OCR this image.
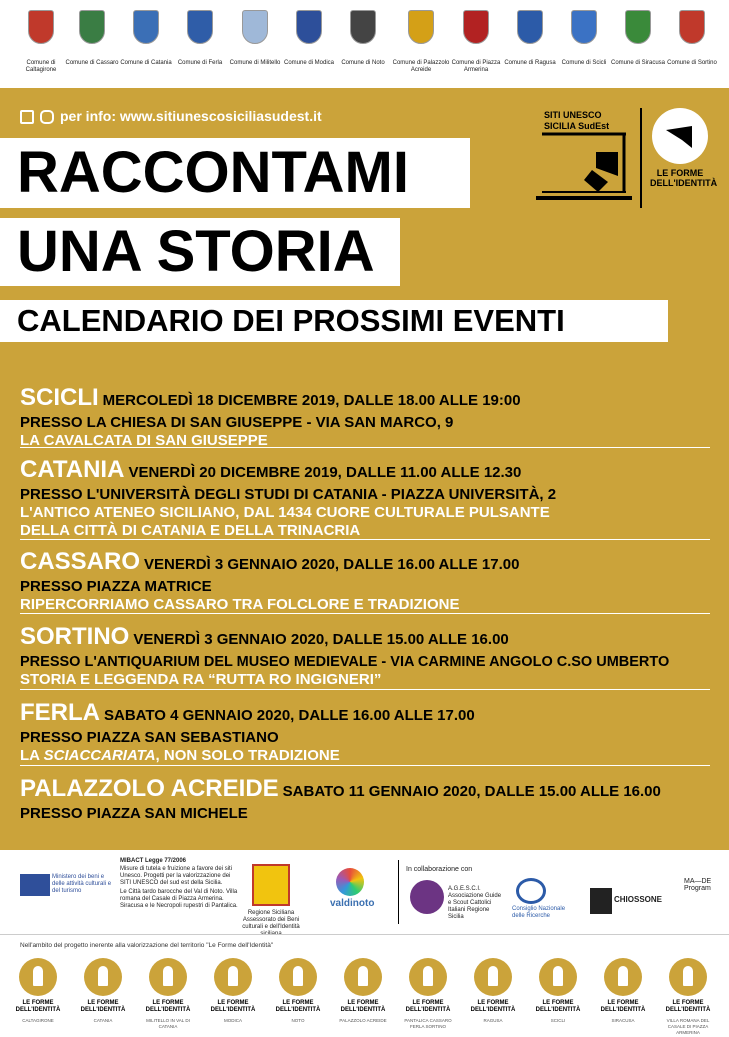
Comune di Caltagirone
Comune di Cassaro Comune di Catania	Comune di Ferla	Comune di Militello Comune di Modica	Comune di Noto	Comune di Palazzolo Acreide
Comune di Piazza Armerina
Comune di Ragusa Comune di Scicli Comune di Siracusa Comune di Sortino
per info: www.sitiunescosiciliasudest.it
RACCONTAMI
UNA STORIA
CALENDARIO DEI PROSSIMI EVENTI
SITI UNESCO
SICILIA SudEst
LE FORME
DELL'IDENTITÀ
SCICLI MERCOLEDÌ 18 DICEMBRE 2019, DALLE 18.00 ALLE 19:00
PRESSO LA CHIESA DI SAN GIUSEPPE - VIA SAN MARCO, 9
LA CAVALCATA DI SAN GIUSEPPE
CATANIA VENERDÌ 20 DICEMBRE 2019, DALLE 11.00 ALLE 12.30
PRESSO L'UNIVERSITÀ DEGLI STUDI DI CATANIA - PIAZZA UNIVERSITÀ, 2
L'ANTICO ATENEO SICILIANO, DAL 1434 CUORE CULTURALE PULSANTE
DELLA CITTÀ DI CATANIA E DELLA TRINACRIA
CASSARO VENERDÌ 3 GENNAIO 2020, DALLE 16.00 ALLE 17.00
PRESSO PIAZZA MATRICE
RIPERCORRIAMO CASSARO TRA FOLCLORE E TRADIZIONE
SORTINO VENERDÌ 3 GENNAIO 2020, DALLE 15.00 ALLE 16.00
PRESSO L'ANTIQUARIUM DEL MUSEO MEDIEVALE - VIA CARMINE ANGOLO C.SO UMBERTO
STORIA E LEGGENDA RA “RUTTA RO INGIGNERI”
FERLA SABATO 4 GENNAIO 2020, DALLE 16.00 ALLE 17.00
PRESSO PIAZZA SAN SEBASTIANO
LA SCIACCARIATA, NON SOLO TRADIZIONE
PALAZZOLO ACREIDE SABATO 11 GENNAIO 2020, DALLE 15.00 ALLE 16.00
PRESSO PIAZZA SAN MICHELE
Ministero dei beni e delle attività culturali e del turismo
MIBACT Legge 77/2006
Misure di tutela e fruizione a favore dei siti Unesco. Progetti per la valorizzazione dei SITI UNESCO del sud est della Sicilia.
Le Città tardo barocche del Val di Noto. Villa romana del Casale di Piazza Armerina. Siracusa e le Necropoli rupestri di Pantalica.
Regione Siciliana Assessorato dei Beni culturali e dell'Identità
valdinoto
In collaborazione con
A.G.E.S.C.I. Associazione Guide e Scout Cattolici Italiani Regione Sicilia
Consiglio Nazionale delle Ricerche
CHIOSSONE
MA—DE Program
Nell'ambito del progetto inerente alla valorizzazione del territorio "Le Forme dell'Identità"
LE FORME DELL'IDENTITÀ
CALTAGIRONE
LE FORME DELL'IDENTITÀ
CATANIA
LE FORME DELL'IDENTITÀ
MILITELLO IN VAL DI CATANIA
LE FORME DELL'IDENTITÀ
MODICA
LE FORME DELL'IDENTITÀ
NOTO
LE FORME DELL'IDENTITÀ
PALAZZOLO ACREIDE
LE FORME DELL'IDENTITÀ
PANTALICA CASSARO FERLA SORTINO
LE FORME DELL'IDENTITÀ
RAGUSA
LE FORME DELL'IDENTITÀ
SCICLI
LE FORME DELL'IDENTITÀ
SIRACUSA
LE FORME DELL'IDENTITÀ
VILLA ROMANA DEL CASALE DI PIAZZA ARMERINA
